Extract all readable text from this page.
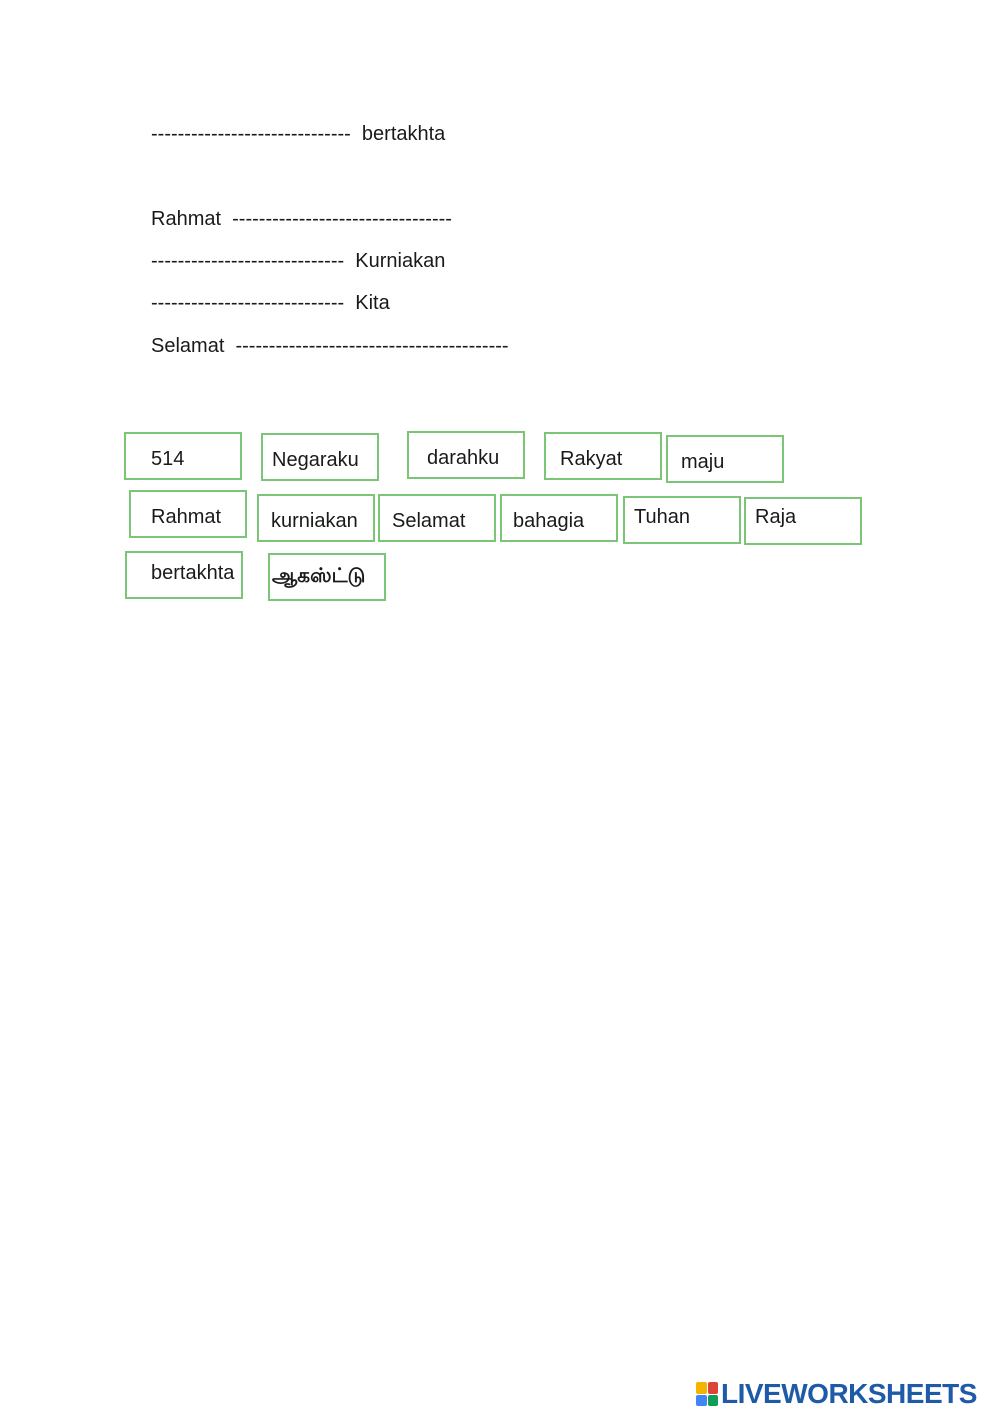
------------------------------  bertakhta
Rahmat  ---------------------------------
-----------------------------  Kurniakan
-----------------------------  Kita
Selamat  -----------------------------------------
514	Negaraku	darahku	Rakyat	maju
Rahmat kurniakan Selamat bahagia Tuhan	Raja
bertakhta ஆகஸ்ட்டு
LIVEWORKSHEETS
